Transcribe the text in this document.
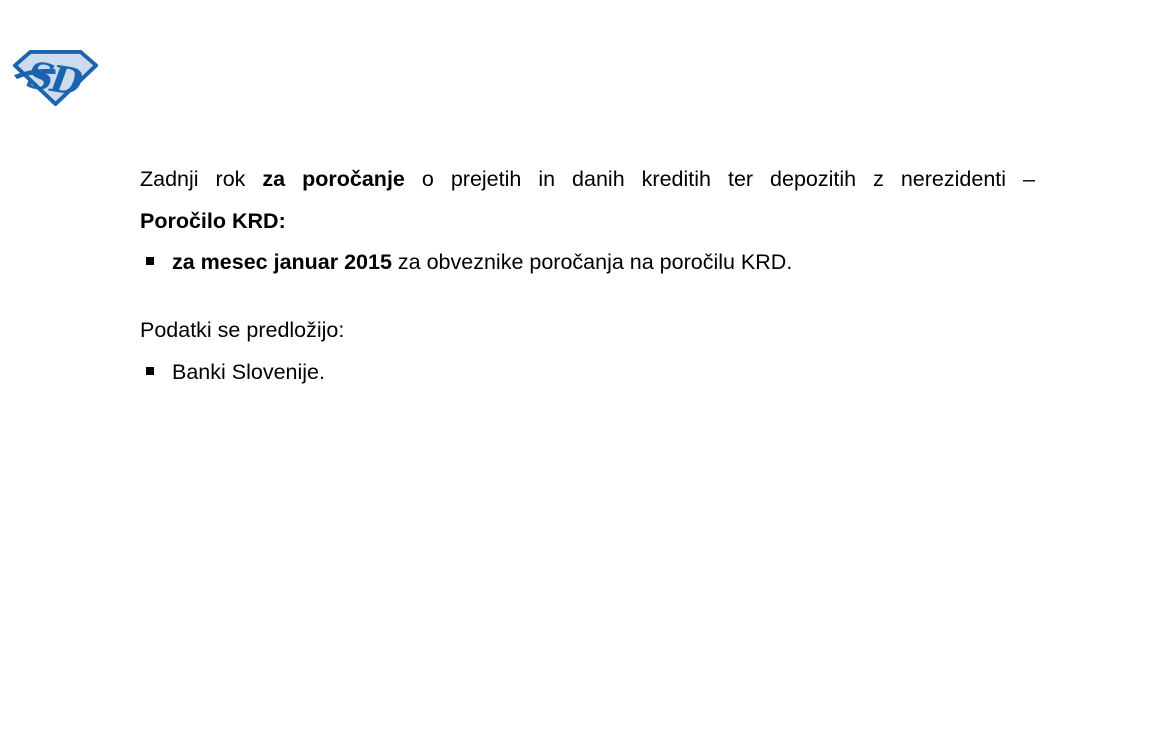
SD

Zadnji rok za poročanje o prejetih in danih kreditih ter depozitih z nerezidenti –

Poročilo KRD:

za mesec januar 2015 za obveznike poročanja na poročilu KRD.

Podatki se predložijo:

Banki Slovenije.
